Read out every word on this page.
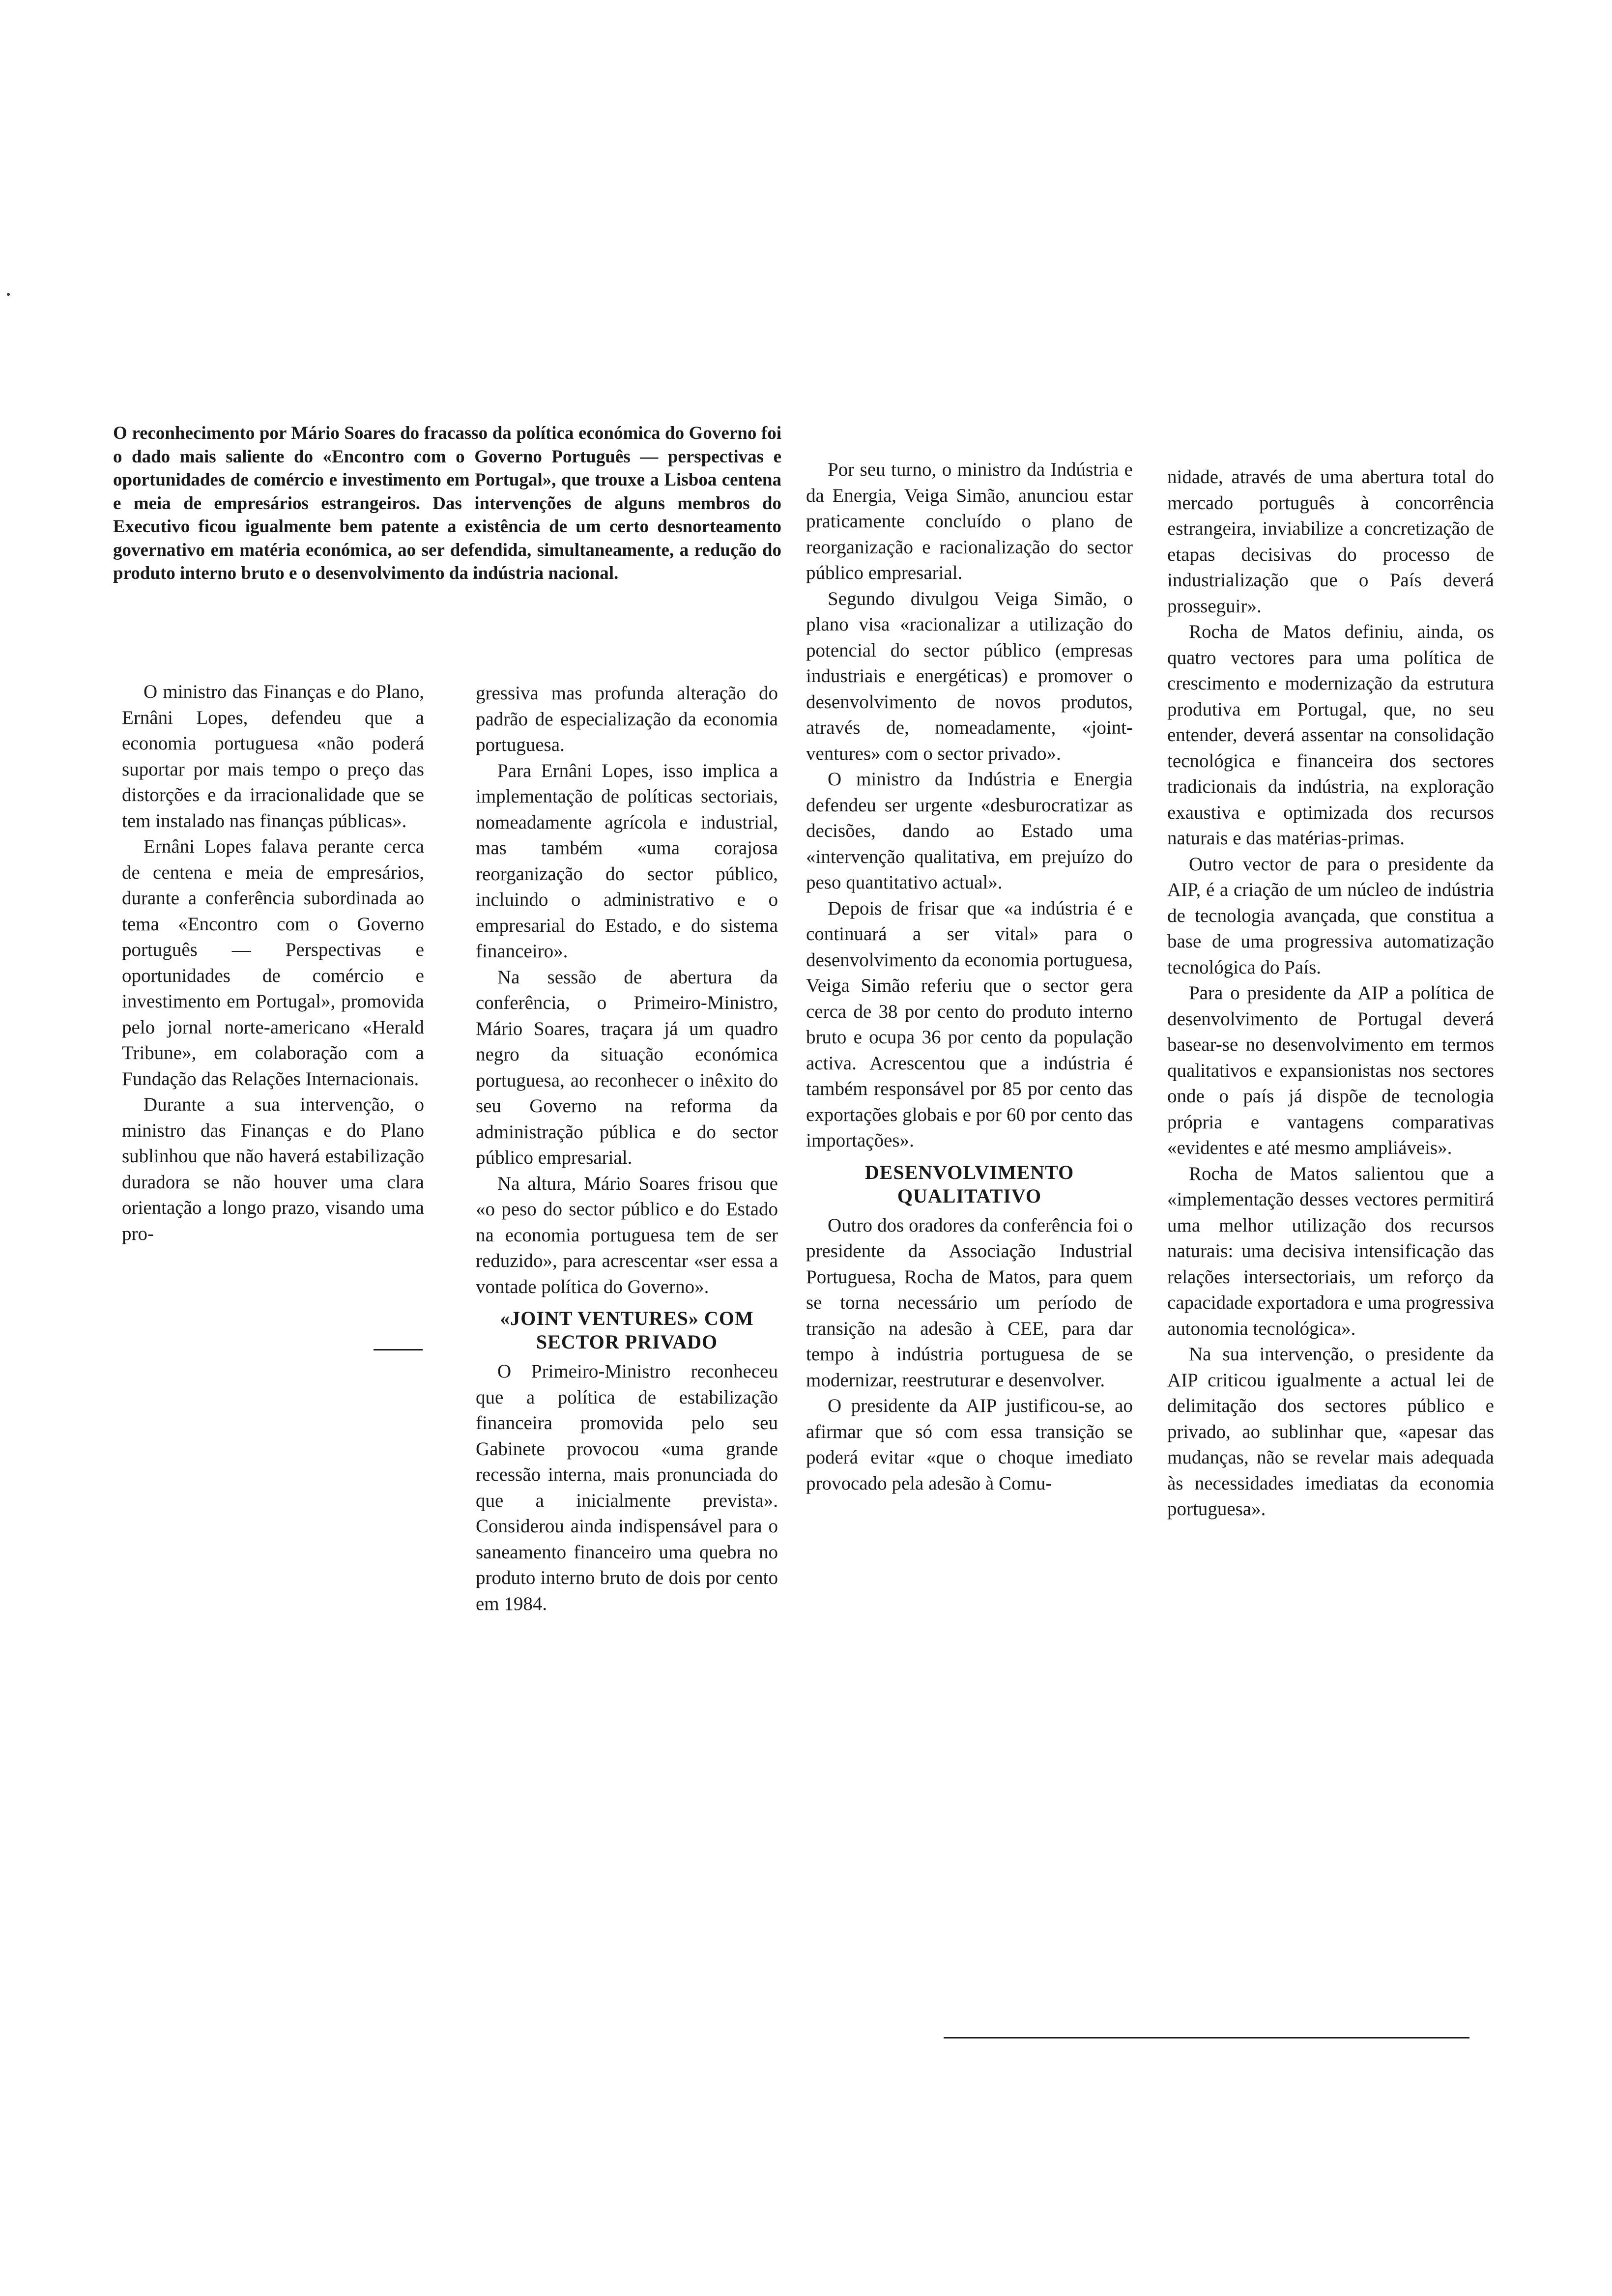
O reconhecimento por Mário Soares do fracasso da política económica do Governo foi o dado mais saliente do «Encontro com o Governo Português — perspectivas e oportunidades de comércio e investimento em Portugal», que trouxe a Lisboa centena e meia de empresários estrangeiros. Das intervenções de alguns membros do Executivo ficou igualmente bem patente a existência de um certo desnorteamento governativo em matéria económica, ao ser defendida, simultaneamente, a redução do produto interno bruto e o desenvolvimento da indústria nacional.

O ministro das Finanças e do Plano, Ernâni Lopes, defendeu que a economia portuguesa «não poderá suportar por mais tempo o preço das distorções e da irracionalidade que se tem instalado nas finanças públicas».

Ernâni Lopes falava perante cerca de centena e meia de empresários, durante a conferência subordinada ao tema «Encontro com o Governo português — Perspectivas e oportunidades de comércio e investimento em Portugal», promovida pelo jornal norte-americano «Herald Tribune», em colaboração com a Fundação das Relações Internacionais.

Durante a sua intervenção, o ministro das Finanças e do Plano sublinhou que não haverá estabilização duradora se não houver uma clara orientação a longo prazo, visando uma pro-

gressiva mas profunda alteração do padrão de especialização da economia portuguesa.

Para Ernâni Lopes, isso implica a implementação de políticas sectoriais, nomeadamente agrícola e industrial, mas também «uma corajosa reorganização do sector público, incluindo o administrativo e o empresarial do Estado, e do sistema financeiro».

Na sessão de abertura da conferência, o Primeiro-Ministro, Mário Soares, traçara já um quadro negro da situação económica portuguesa, ao reconhecer o inêxito do seu Governo na reforma da administração pública e do sector público empresarial.

Na altura, Mário Soares frisou que «o peso do sector público e do Estado na economia portuguesa tem de ser reduzido», para acrescentar «ser essa a vontade política do Governo».

«JOINT VENTURES» COM SECTOR PRIVADO

O Primeiro-Ministro reconheceu que a política de estabilização financeira promovida pelo seu Gabinete provocou «uma grande recessão interna, mais pronunciada do que a inicialmente prevista». Considerou ainda indispensável para o saneamento financeiro uma quebra no produto interno bruto de dois por cento em 1984.

Por seu turno, o ministro da Indústria e da Energia, Veiga Simão, anunciou estar praticamente concluído o plano de reorganização e racionalização do sector público empresarial.

Segundo divulgou Veiga Simão, o plano visa «racionalizar a utilização do potencial do sector público (empresas industriais e energéticas) e promover o desenvolvimento de novos produtos, através de, nomeadamente, «joint-ventures» com o sector privado».

O ministro da Indústria e Energia defendeu ser urgente «desburocratizar as decisões, dando ao Estado uma «intervenção qualitativa, em prejuízo do peso quantitativo actual».

Depois de frisar que «a indústria é e continuará a ser vital» para o desenvolvimento da economia portuguesa, Veiga Simão referiu que o sector gera cerca de 38 por cento do produto interno bruto e ocupa 36 por cento da população activa. Acrescentou que a indústria é também responsável por 85 por cento das exportações globais e por 60 por cento das importações».

DESENVOLVIMENTO QUALITATIVO

Outro dos oradores da conferência foi o presidente da Associação Industrial Portuguesa, Rocha de Matos, para quem se torna necessário um período de transição na adesão à CEE, para dar tempo à indústria portuguesa de se modernizar, reestruturar e desenvolver.

O presidente da AIP justificou-se, ao afirmar que só com essa transição se poderá evitar «que o choque imediato provocado pela adesão à Comu-

nidade, através de uma abertura total do mercado português à concorrência estrangeira, inviabilize a concretização de etapas decisivas do processo de industrialização que o País deverá prosseguir».

Rocha de Matos definiu, ainda, os quatro vectores para uma política de crescimento e modernização da estrutura produtiva em Portugal, que, no seu entender, deverá assentar na consolidação tecnológica e financeira dos sectores tradicionais da indústria, na exploração exaustiva e optimizada dos recursos naturais e das matérias-primas.

Outro vector de para o presidente da AIP, é a criação de um núcleo de indústria de tecnologia avançada, que constitua a base de uma progressiva automatização tecnológica do País.

Para o presidente da AIP a política de desenvolvimento de Portugal deverá basear-se no desenvolvimento em termos qualitativos e expansionistas nos sectores onde o país já dispõe de tecnologia própria e vantagens comparativas «evidentes e até mesmo ampliáveis».

Rocha de Matos salientou que a «implementação desses vectores permitirá uma melhor utilização dos recursos naturais: uma decisiva intensificação das relações intersectoriais, um reforço da capacidade exportadora e uma progressiva autonomia tecnológica».

Na sua intervenção, o presidente da AIP criticou igualmente a actual lei de delimitação dos sectores público e privado, ao sublinhar que, «apesar das mudanças, não se revelar mais adequada às necessidades imediatas da economia portuguesa».
